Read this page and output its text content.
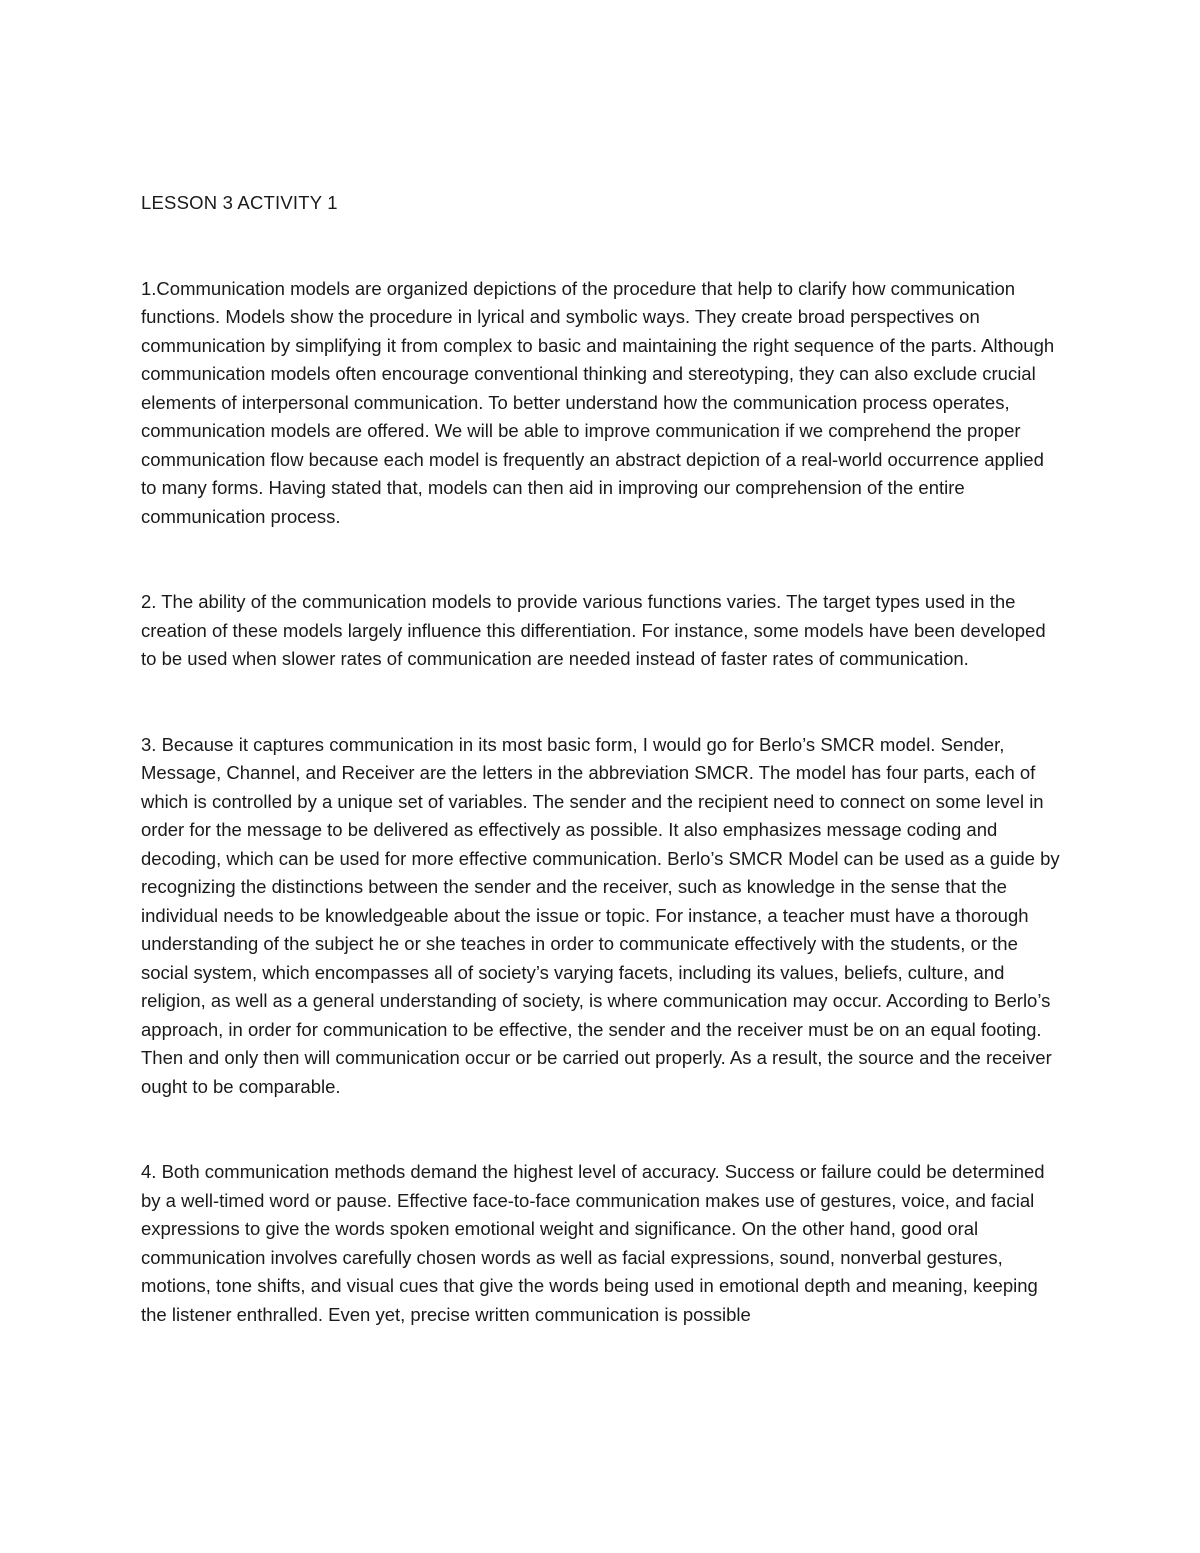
LESSON 3 ACTIVITY 1

1.Communication models are organized depictions of the procedure that help to clarify how communication functions. Models show the procedure in lyrical and symbolic ways. They create broad perspectives on communication by simplifying it from complex to basic and maintaining the right sequence of the parts. Although communication models often encourage conventional thinking and stereotyping, they can also exclude crucial elements of interpersonal communication. To better understand how the communication process operates, communication models are offered. We will be able to improve communication if we comprehend the proper communication flow because each model is frequently an abstract depiction of a real-world occurrence applied to many forms. Having stated that, models can then aid in improving our comprehension of the entire communication process.

2. The ability of the communication models to provide various functions varies. The target types used in the creation of these models largely influence this differentiation. For instance, some models have been developed to be used when slower rates of communication are needed instead of faster rates of communication.

3. Because it captures communication in its most basic form, I would go for Berlo’s SMCR model. Sender, Message, Channel, and Receiver are the letters in the abbreviation SMCR. The model has four parts, each of which is controlled by a unique set of variables. The sender and the recipient need to connect on some level in order for the message to be delivered as effectively as possible. It also emphasizes message coding and decoding, which can be used for more effective communication. Berlo’s SMCR Model can be used as a guide by recognizing the distinctions between the sender and the receiver, such as knowledge in the sense that the individual needs to be knowledgeable about the issue or topic. For instance, a teacher must have a thorough understanding of the subject he or she teaches in order to communicate effectively with the students, or the social system, which encompasses all of society’s varying facets, including its values, beliefs, culture, and religion, as well as a general understanding of society, is where communication may occur. According to Berlo’s approach, in order for communication to be effective, the sender and the receiver must be on an equal footing. Then and only then will communication occur or be carried out properly. As a result, the source and the receiver ought to be comparable.

4. Both communication methods demand the highest level of accuracy. Success or failure could be determined by a well-timed word or pause. Effective face-to-face communication makes use of gestures, voice, and facial expressions to give the words spoken emotional weight and significance. On the other hand, good oral communication involves carefully chosen words as well as facial expressions, sound, nonverbal gestures, motions, tone shifts, and visual cues that give the words being used in emotional depth and meaning, keeping the listener enthralled. Even yet, precise written communication is possible
